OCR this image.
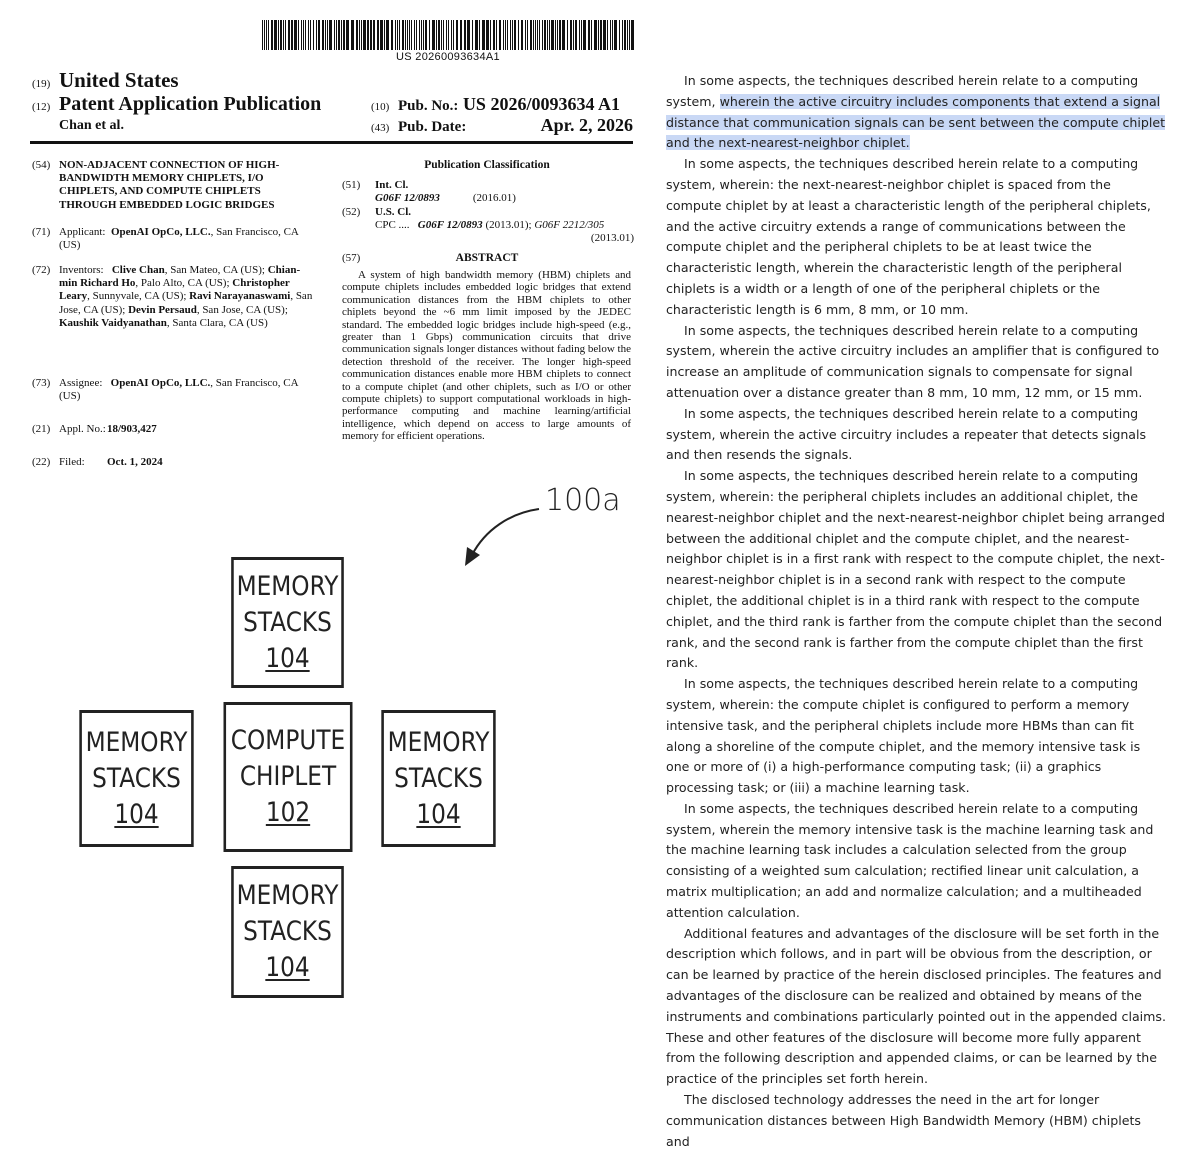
US 20260093634A1
(19) United States
(12) Patent Application Publication
Chan et al.
(10) Pub. No.: US 2026/0093634 A1
(43) Pub. Date:	Apr. 2, 2026
(54) NON-ADJACENT CONNECTION OF HIGH-BANDWIDTH MEMORY CHIPLETS, I/O CHIPLETS, AND COMPUTE CHIPLETS THROUGH EMBEDDED LOGIC BRIDGES
(71) Applicant: OpenAI OpCo, LLC., San Francisco, CA (US)
(72) Inventors: Clive Chan, San Mateo, CA (US); Chian-min Richard Ho, Palo Alto, CA (US); Christopher Leary, Sunnyvale, CA (US); Ravi Narayanaswami, San Jose, CA (US); Devin Persaud, San Jose, CA (US); Kaushik Vaidyanathan, Santa Clara, CA (US)
(73) Assignee: OpenAI OpCo, LLC., San Francisco, CA (US)
(21) Appl. No.:18/903,427
(22) Filed: Oct. 1, 2024
Publication Classification
(51) Int. Cl.
G06F 12/0893	(2016.01)
(52) U.S. Cl.
CPC .... G06F 12/0893 (2013.01); G06F 2212/305

(2013.01)
(57)	ABSTRACT
A system of high bandwidth memory (HBM) chiplets and compute chiplets includes embedded logic bridges that extend communication distances from the HBM chiplets to other chiplets beyond the ~6 mm limit imposed by the JEDEC standard. The embedded logic bridges include high-speed (e.g., greater than 1 Gbps) communication circuits that drive communication signals longer distances without fading below the detection threshold of the receiver. The longer high-speed communication distances enable more HBM chiplets to connect to a compute chiplet (and other chiplets, such as I/O or other compute chiplets) to support computational workloads in high-performance computing and machine learning/artificial intelligence, which depend on access to large amounts of memory for efficient operations.
100a
MEMORY
STACKS
104
MEMORY
STACKS
104
COMPUTE
CHIPLET
102
MEMORY
STACKS
104
MEMORY
STACKS
104

In some aspects, the techniques described herein relate to a computing system, wherein the active circuitry includes components that extend a signal distance that communication signals can be sent between the compute chiplet and the next-nearest-neighbor chiplet.

In some aspects, the techniques described herein relate to a computing system, wherein: the next-nearest-neighbor chiplet is spaced from the compute chiplet by at least a characteristic length of the peripheral chiplets, and the active circuitry extends a range of communications between the compute chiplet and the peripheral chiplets to be at least twice the characteristic length, wherein the characteristic length of the peripheral chiplets is a width or a length of one of the peripheral chiplets or the characteristic length is 6 mm, 8 mm, or 10 mm.

In some aspects, the techniques described herein relate to a computing system, wherein the active circuitry includes an amplifier that is configured to increase an amplitude of communication signals to compensate for signal attenuation over a distance greater than 8 mm, 10 mm, 12 mm, or 15 mm.

In some aspects, the techniques described herein relate to a computing system, wherein the active circuitry includes a repeater that detects signals and then resends the signals.

In some aspects, the techniques described herein relate to a computing system, wherein: the peripheral chiplets includes an additional chiplet, the nearest-neighbor chiplet and the next-nearest-neighbor chiplet being arranged between the additional chiplet and the compute chiplet, and the nearest-neighbor chiplet is in a first rank with respect to the compute chiplet, the next-nearest-neighbor chiplet is in a second rank with respect to the compute chiplet, the additional chiplet is in a third rank with respect to the compute chiplet, and the third rank is farther from the compute chiplet than the second rank, and the second rank is farther from the compute chiplet than the first rank.

In some aspects, the techniques described herein relate to a computing system, wherein: the compute chiplet is configured to perform a memory intensive task, and the peripheral chiplets include more HBMs than can fit along a shoreline of the compute chiplet, and the memory intensive task is one or more of (i) a high-performance computing task; (ii) a graphics processing task; or (iii) a machine learning task.

In some aspects, the techniques described herein relate to a computing system, wherein the memory intensive task is the machine learning task and the machine learning task includes a calculation selected from the group consisting of a weighted sum calculation; rectified linear unit calculation, a matrix multiplication; an add and normalize calculation; and a multiheaded attention calculation.

Additional features and advantages of the disclosure will be set forth in the description which follows, and in part will be obvious from the description, or can be learned by practice of the herein disclosed principles. The features and advantages of the disclosure can be realized and obtained by means of the instruments and combinations particularly pointed out in the appended claims. These and other features of the disclosure will become more fully apparent from the following description and appended claims, or can be learned by the practice of the principles set forth herein.

The disclosed technology addresses the need in the art for longer communication distances between High Bandwidth Memory (HBM) chiplets and
